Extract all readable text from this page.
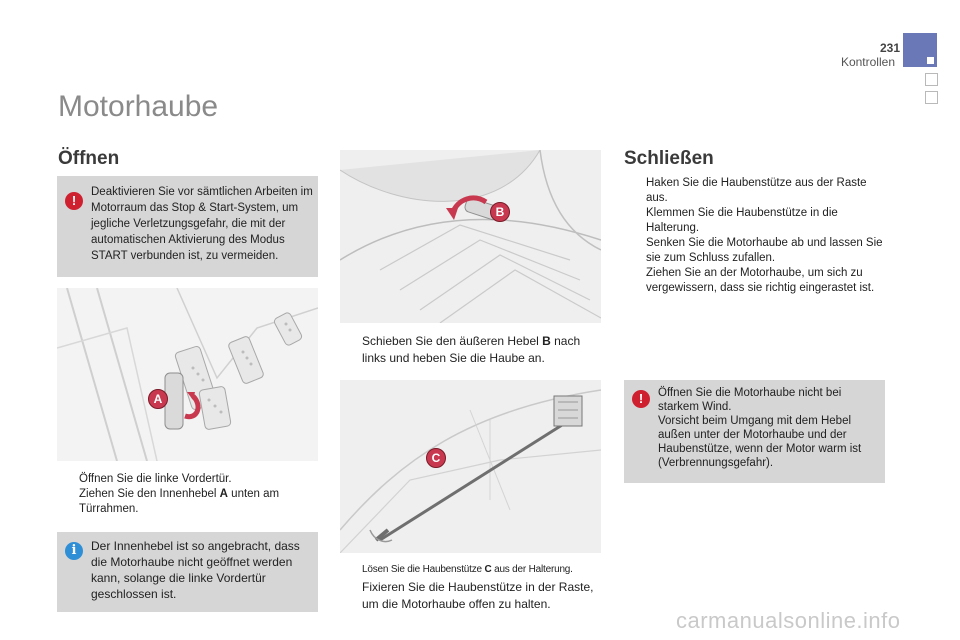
231
Kontrollen
Motorhaube
Öffnen
!
Deaktivieren Sie vor sämtlichen Arbeiten im Motorraum das Stop & Start-System, um jegliche Verletzungsgefahr, die mit der automatischen Aktivierung des Modus START verbunden ist, zu vermeiden.
A
Öffnen Sie die linke Vordertür.
Ziehen Sie den Innenhebel A unten am Türrahmen.
i	Der Innenhebel ist so angebracht, dass die Motorhaube nicht geöffnet werden kann, solange die linke Vordertür geschlossen ist.
B
Schieben Sie den äußeren Hebel B nach links und heben Sie die Haube an.
C
Lösen Sie die Haubenstütze C aus der Halterung.
Fixieren Sie die Haubenstütze in der Raste, um die Motorhaube offen zu halten.
Schließen
Haken Sie die Haubenstütze aus der Raste aus.
Klemmen Sie die Haubenstütze in die Halterung.
Senken Sie die Motorhaube ab und lassen Sie sie zum Schluss zufallen.
Ziehen Sie an der Motorhaube, um sich zu vergewissern, dass sie richtig eingerastet ist.
!	Öffnen Sie die Motorhaube nicht bei starkem Wind.
Vorsicht beim Umgang mit dem Hebel außen unter der Motorhaube und der Haubenstütze, wenn der Motor warm ist (Verbrennungsgefahr).
carmanualsonline.info
